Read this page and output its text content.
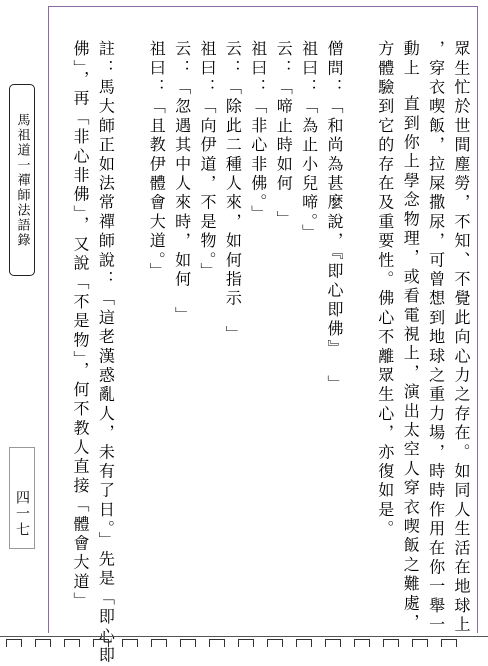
馬祖道一禪師法語錄
四一七	眾生忙於世間塵勞，不知、不覺此向心力之存在。如同人生活在地球上
，穿衣喫飯，拉屎撒尿，可曾想到地球之重力場，時時作用在你一舉一
動上  直到你上學念物理，或看電視上，演出太空人穿衣喫飯之難處，
方體驗到它的存在及重要性。佛心不離眾生心，亦復如是。
僧問：「和尚為甚麼說，『即心即佛』  」
祖曰：「為止小兒啼。」
云：「啼止時如何  」
祖曰：「非心非佛。」
云：「除此二種人來，如何指示  」
祖曰：「向伊道，不是物。」
云：「忽遇其中人來時，如何  」
祖曰：「且教伊體會大道。」
註：馬大師正如法常禪師說：「這老漢惑亂人，未有了日。」先是「即心即
佛」，再「非心非佛」，又說「不是物」，何不教人直接「體會大道」
